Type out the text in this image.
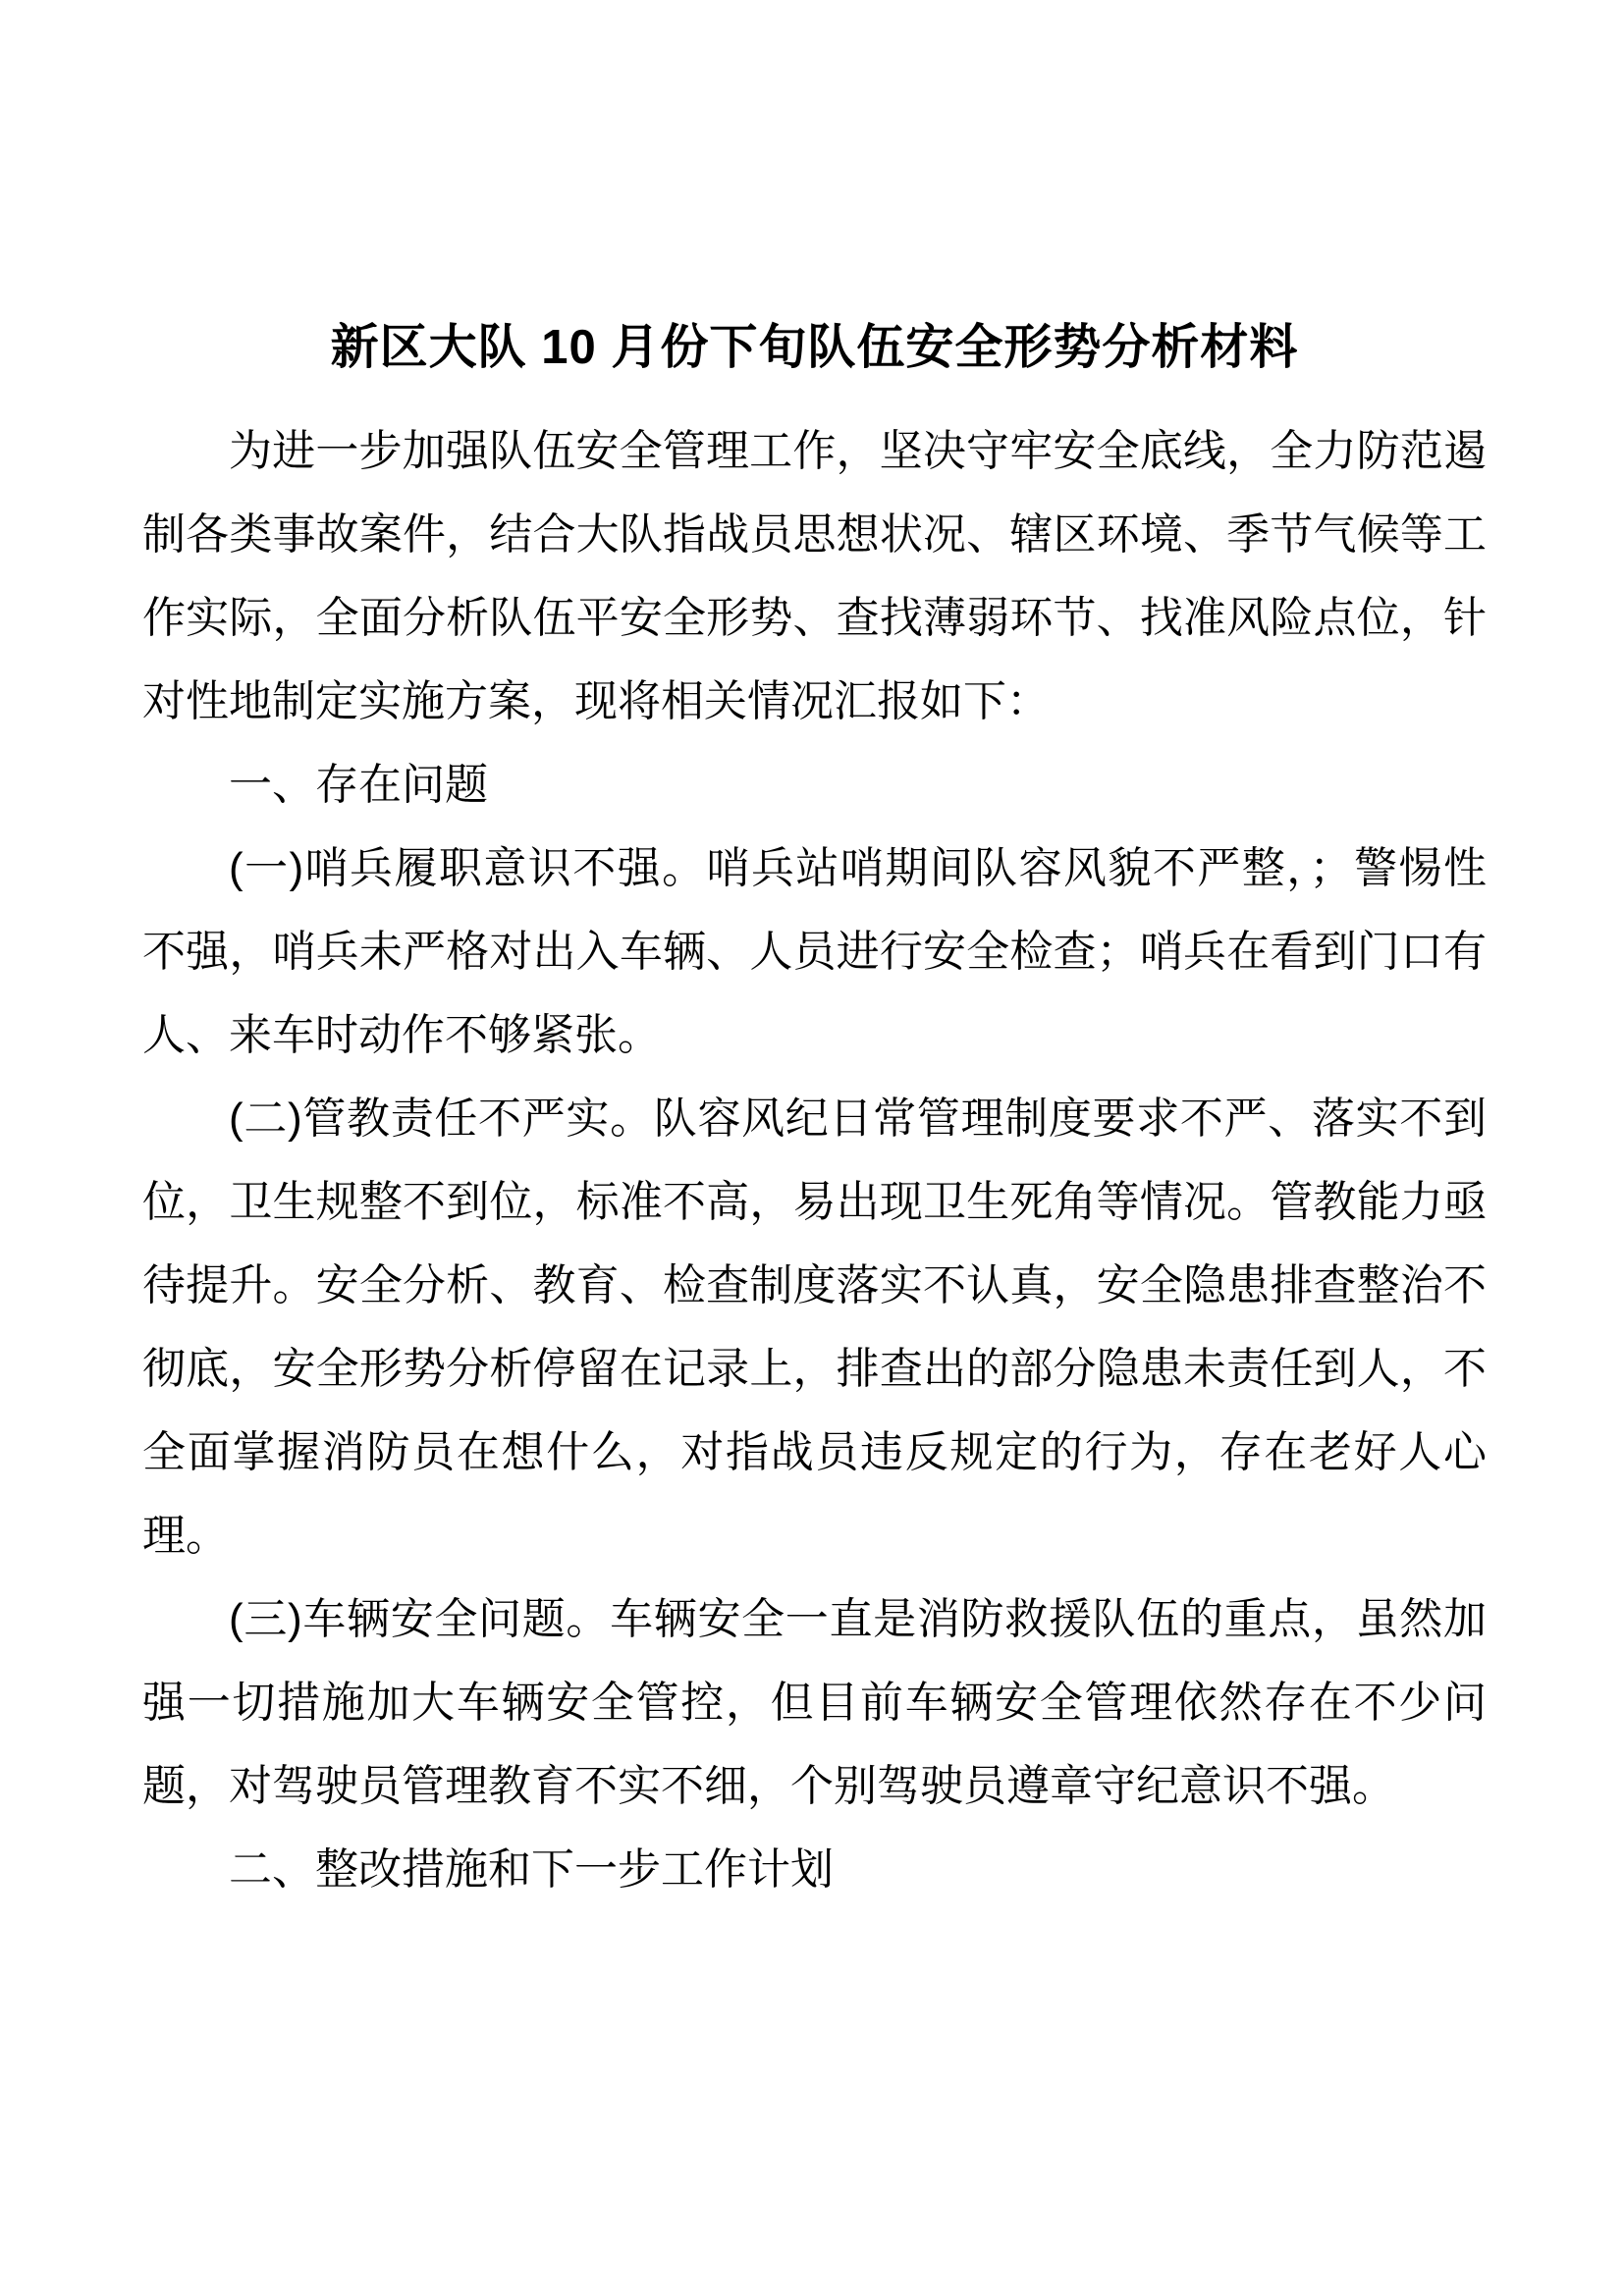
新区大队 10 月份下旬队伍安全形势分析材料

为进一步加强队伍安全管理工作，坚决守牢安全底线，全力防范遏制各类事故案件，结合大队指战员思想状况、辖区环境、季节气候等工作实际，全面分析队伍平安全形势、查找薄弱环节、找准风险点位，针对性地制定实施方案，现将相关情况汇报如下：

一、存在问题

(一)哨兵履职意识不强。哨兵站哨期间队容风貌不严整，；警惕性不强，哨兵未严格对出入车辆、人员进行安全检查；哨兵在看到门口有人、来车时动作不够紧张。

(二)管教责任不严实。队容风纪日常管理制度要求不严、落实不到位，卫生规整不到位，标准不高，易出现卫生死角等情况。管教能力亟待提升。安全分析、教育、检查制度落实不认真，安全隐患排查整治不彻底，安全形势分析停留在记录上，排查出的部分隐患未责任到人，不全面掌握消防员在想什么，对指战员违反规定的行为，存在老好人心理。

(三)车辆安全问题。车辆安全一直是消防救援队伍的重点，虽然加强一切措施加大车辆安全管控，但目前车辆安全管理依然存在不少问题，对驾驶员管理教育不实不细，个别驾驶员遵章守纪意识不强。

二、整改措施和下一步工作计划
